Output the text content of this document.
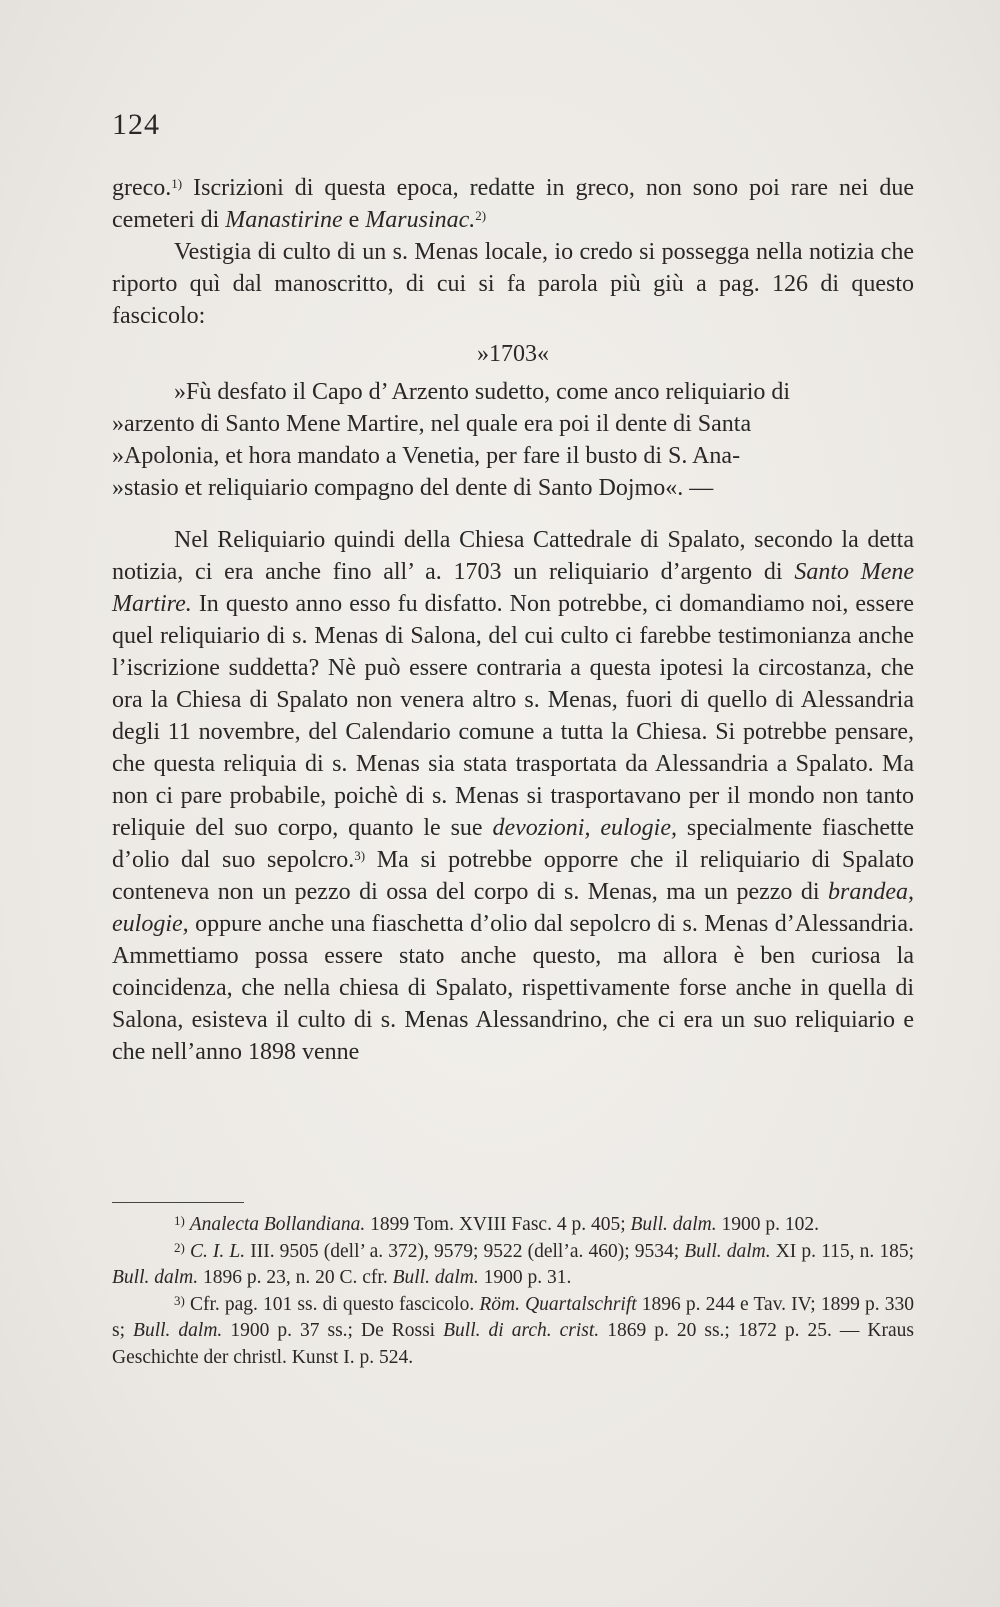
124

greco.$^{1)}$ Iscrizioni di questa epoca, redatte in greco, non sono poi rare nei due cemeteri di Manastirine e Marusinac.$^{2)}$

Vestigia di culto di un s. Menas locale, io credo si possegga nella notizia che riporto quì dal manoscritto, di cui si fa parola più giù a pag. 126 di questo fascicolo:

»1703«

»Fù desfato il Capo d’ Arzento sudetto, come anco reliquiario di

»arzento di Santo Mene Martire, nel quale era poi il dente di Santa

»Apolonia, et hora mandato a Venetia, per fare il busto di S. Ana-

»stasio et reliquiario compagno del dente di Santo Dojmo«. —

Nel Reliquiario quindi della Chiesa Cattedrale di Spalato, secondo la detta notizia, ci era anche fino all’ a. 1703 un reliquiario d’argento di Santo Mene Martire. In questo anno esso fu disfatto. Non potrebbe, ci domandiamo noi, essere quel reliquiario di s. Menas di Salona, del cui culto ci farebbe testimonianza anche l’iscrizione suddetta? Nè può essere contraria a questa ipotesi la circostanza, che ora la Chiesa di Spalato non venera altro s. Menas, fuori di quello di Alessandria degli 11 novembre, del Calendario comune a tutta la Chiesa. Si potrebbe pensare, che questa reliquia di s. Menas sia stata trasportata da Alessandria a Spalato. Ma non ci pare probabile, poichè di s. Menas si trasportavano per il mondo non tanto reliquie del suo corpo, quanto le sue devozioni, eulogie, specialmente fiaschette d’olio dal suo sepolcro.$^{3)}$ Ma si potrebbe opporre che il reliquiario di Spalato conteneva non un pezzo di ossa del corpo di s. Menas, ma un pezzo di brandea, eulogie, oppure anche una fiaschetta d’olio dal sepolcro di s. Menas d’Alessandria. Ammettiamo possa essere stato anche questo, ma allora è ben curiosa la coincidenza, che nella chiesa di Spalato, rispettivamente forse anche in quella di Salona, esisteva il culto di s. Menas Alessandrino, che ci era un suo reliquiario e che nell’anno 1898 venne

$^{1)}$ Analecta Bollandiana. 1899 Tom. XVIII Fasc. 4 p. 405; Bull. dalm. 1900 p. 102.

$^{2)}$ C. I. L. III. 9505 (dell’ a. 372), 9579; 9522 (dell’a. 460); 9534; Bull. dalm. XI p. 115, n. 185; Bull. dalm. 1896 p. 23, n. 20 C. cfr. Bull. dalm. 1900 p. 31.

$^{3)}$ Cfr. pag. 101 ss. di questo fascicolo. Röm. Quartalschrift 1896 p. 244 e Tav. IV; 1899 p. 330 s; Bull. dalm. 1900 p. 37 ss.; De Rossi Bull. di arch. crist. 1869 p. 20 ss.; 1872 p. 25. — Kraus Geschichte der christl. Kunst I. p. 524.
